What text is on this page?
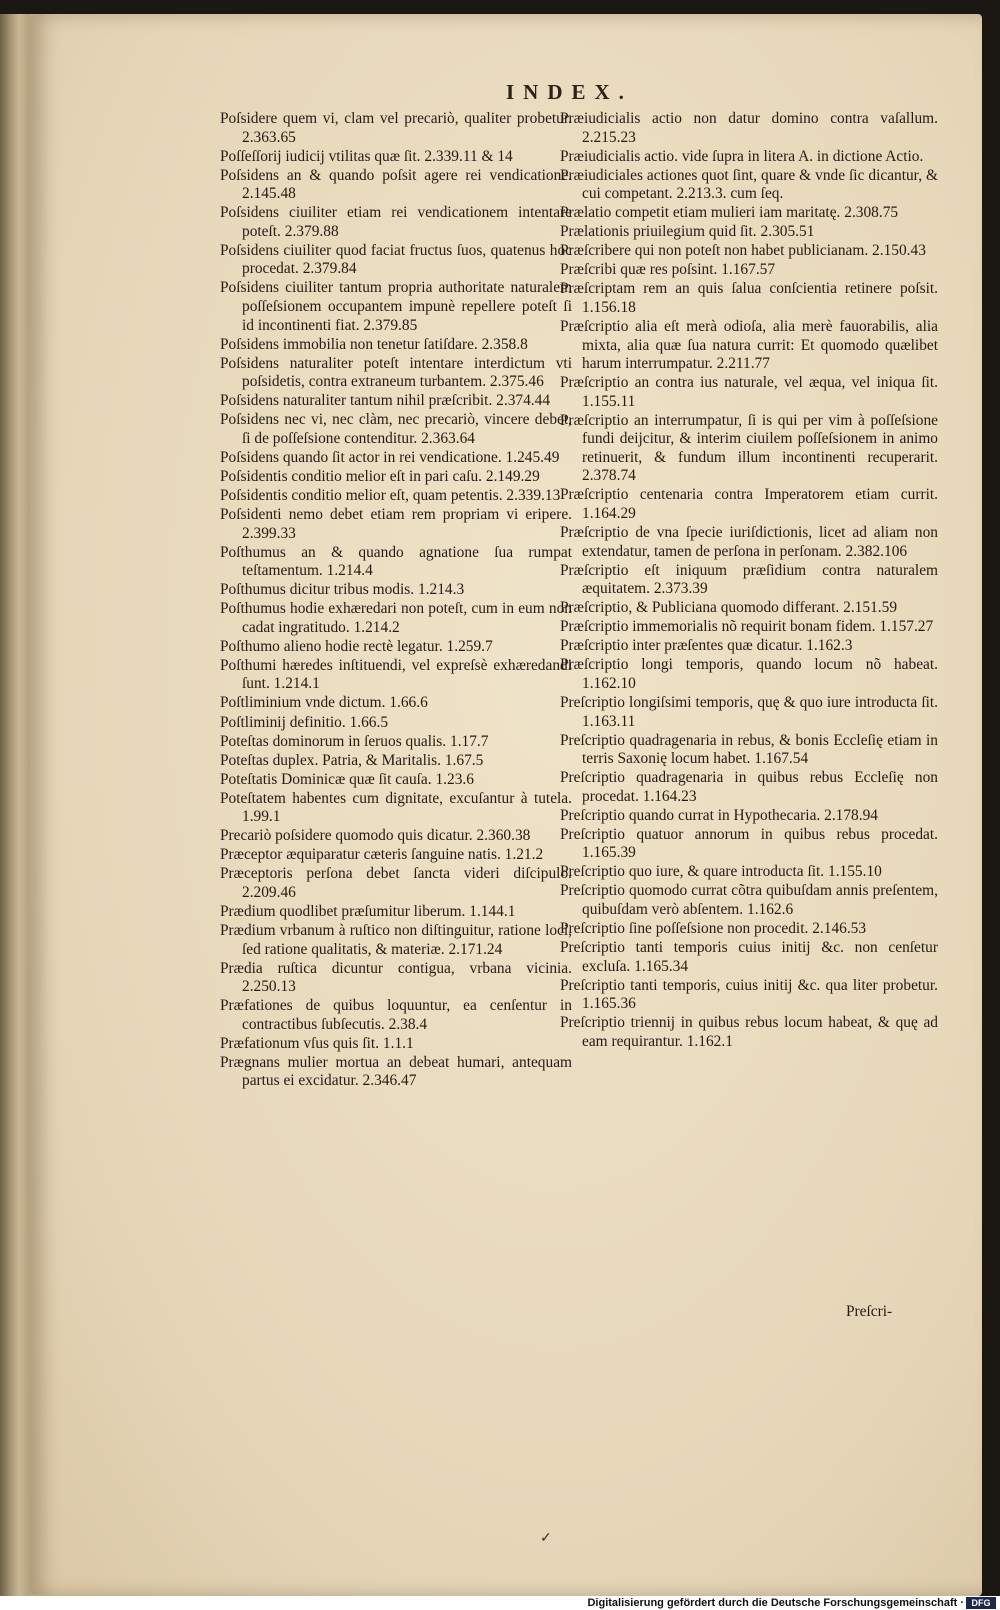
INDEX.

Poſsidere quem vi, clam vel precariò, qualiter probetur. 2.363.65

Poſſeſſorij iudicij vtilitas quæ ſit. 2.339.11 & 14

Poſsidens an & quando poſsit agere rei vendicatione. 2.145.48

Poſsidens ciuiliter etiam rei vendicationem intentare poteſt. 2.379.88

Poſsidens ciuiliter quod faciat fructus ſuos, quatenus hoc procedat. 2.379.84

Poſsidens ciuiliter tantum propria authoritate naturalem poſſeſsionem occupantem impunè repellere poteſt ſi id incontinenti fiat. 2.379.85

Poſsidens immobilia non tenetur ſatiſdare. 2.358.8

Poſsidens naturaliter poteſt intentare interdictum vti poſsidetis, contra extraneum turbantem. 2.375.46

Poſsidens naturaliter tantum nihil præſcribit. 2.374.44

Poſsidens nec vi, nec clàm, nec precariò, vincere debet, ſi de poſſeſsione contenditur. 2.363.64

Poſsidens quando ſit actor in rei vendicatione. 1.245.49

Poſsidentis conditio melior eſt in pari caſu. 2.149.29

Poſsidentis conditio melior eſt, quam petentis. 2.339.13

Poſsidenti nemo debet etiam rem propriam vi eripere. 2.399.33

Poſthumus an & quando agnatione ſua rumpat teſtamentum. 1.214.4

Poſthumus dicitur tribus modis. 1.214.3

Poſthumus hodie exhæredari non poteſt, cum in eum non cadat ingratitudo. 1.214.2

Poſthumo alieno hodie rectè legatur. 1.259.7

Poſthumi hæredes inſtituendi, vel expreſsè exhæredandi ſunt. 1.214.1

Poſtliminium vnde dictum. 1.66.6

Poſtliminij definitio. 1.66.5

Poteſtas dominorum in ſeruos qualis. 1.17.7

Poteſtas duplex. Patria, & Maritalis. 1.67.5

Poteſtatis Dominicæ quæ ſit cauſa. 1.23.6

Poteſtatem habentes cum dignitate, excuſantur à tutela. 1.99.1

Precariò poſsidere quomodo quis dicatur. 2.360.38

Præceptor æquiparatur cæteris ſanguine natis. 1.21.2

Præceptoris perſona debet ſancta videri diſcipulo. 2.209.46

Prædium quodlibet præſumitur liberum. 1.144.1

Prædium vrbanum à ruſtico non diſtinguitur, ratione loci, ſed ratione qualitatis, & materiæ. 2.171.24

Prædia ruſtica dicuntur contigua, vrbana vicinia. 2.250.13

Præfationes de quibus loquuntur, ea cenſentur in contractibus ſubſecutis. 2.38.4

Præfationum vſus quis ſit. 1.1.1

Prægnans mulier mortua an debeat humari, antequam partus ei excidatur. 2.346.47

Præiudicialis actio non datur domino contra vaſallum. 2.215.23

Præiudicialis actio. vide ſupra in litera A. in dictione Actio.

Præiudiciales actiones quot ſint, quare & vnde ſic dicantur, & cui competant. 2.213.3. cum ſeq.

Prælatio competit etiam mulieri iam maritatę. 2.308.75

Prælationis priuilegium quid ſit. 2.305.51

Præſcribere qui non poteſt non habet publicianam. 2.150.43

Præſcribi quæ res poſsint. 1.167.57

Præſcriptam rem an quis ſalua conſcientia retinere poſsit. 1.156.18

Præſcriptio alia eſt merà odioſa, alia merè fauorabilis, alia mixta, alia quæ ſua natura currit: Et quomodo quælibet harum interrumpatur. 2.211.77

Præſcriptio an contra ius naturale, vel æqua, vel iniqua ſit. 1.155.11

Præſcriptio an interrumpatur, ſi is qui per vim à poſſeſsione fundi deijcitur, & interim ciuilem poſſeſsionem in animo retinuerit, & fundum illum incontinenti recuperarit. 2.378.74

Præſcriptio centenaria contra Imperatorem etiam currit. 1.164.29

Præſcriptio de vna ſpecie iuriſdictionis, licet ad aliam non extendatur, tamen de perſona in perſonam. 2.382.106

Præſcriptio eſt iniquum præſidium contra naturalem æquitatem. 2.373.39

Præſcriptio, & Publiciana quomodo differant. 2.151.59

Præſcriptio immemorialis nõ requirit bonam fidem. 1.157.27

Præſcriptio inter præſentes quæ dicatur. 1.162.3

Præſcriptio longi temporis, quando locum nõ habeat. 1.162.10

Preſcriptio longiſsimi temporis, quę & quo iure introducta ſit. 1.163.11

Preſcriptio quadragenaria in rebus, & bonis Eccleſię etiam in terris Saxonię locum habet. 1.167.54

Preſcriptio quadragenaria in quibus rebus Eccleſię non procedat. 1.164.23

Preſcriptio quando currat in Hypothecaria. 2.178.94

Preſcriptio quatuor annorum in quibus rebus procedat. 1.165.39

Preſcriptio quo iure, & quare introducta ſit. 1.155.10

Preſcriptio quomodo currat cõtra quibuſdam annis preſentem, quibuſdam verò abſentem. 1.162.6

Preſcriptio ſine poſſeſsione non procedit. 2.146.53

Preſcriptio tanti temporis cuius initij &c. non cenſetur excluſa. 1.165.34

Preſcriptio tanti temporis, cuius initij &c. qua liter probetur. 1.165.36

Preſcriptio triennij in quibus rebus locum habeat, & quę ad eam requirantur. 1.162.1

Preſcri-
✓
Digitalisierung gefördert durch die Deutsche Forschungsgemeinschaft · DFG
